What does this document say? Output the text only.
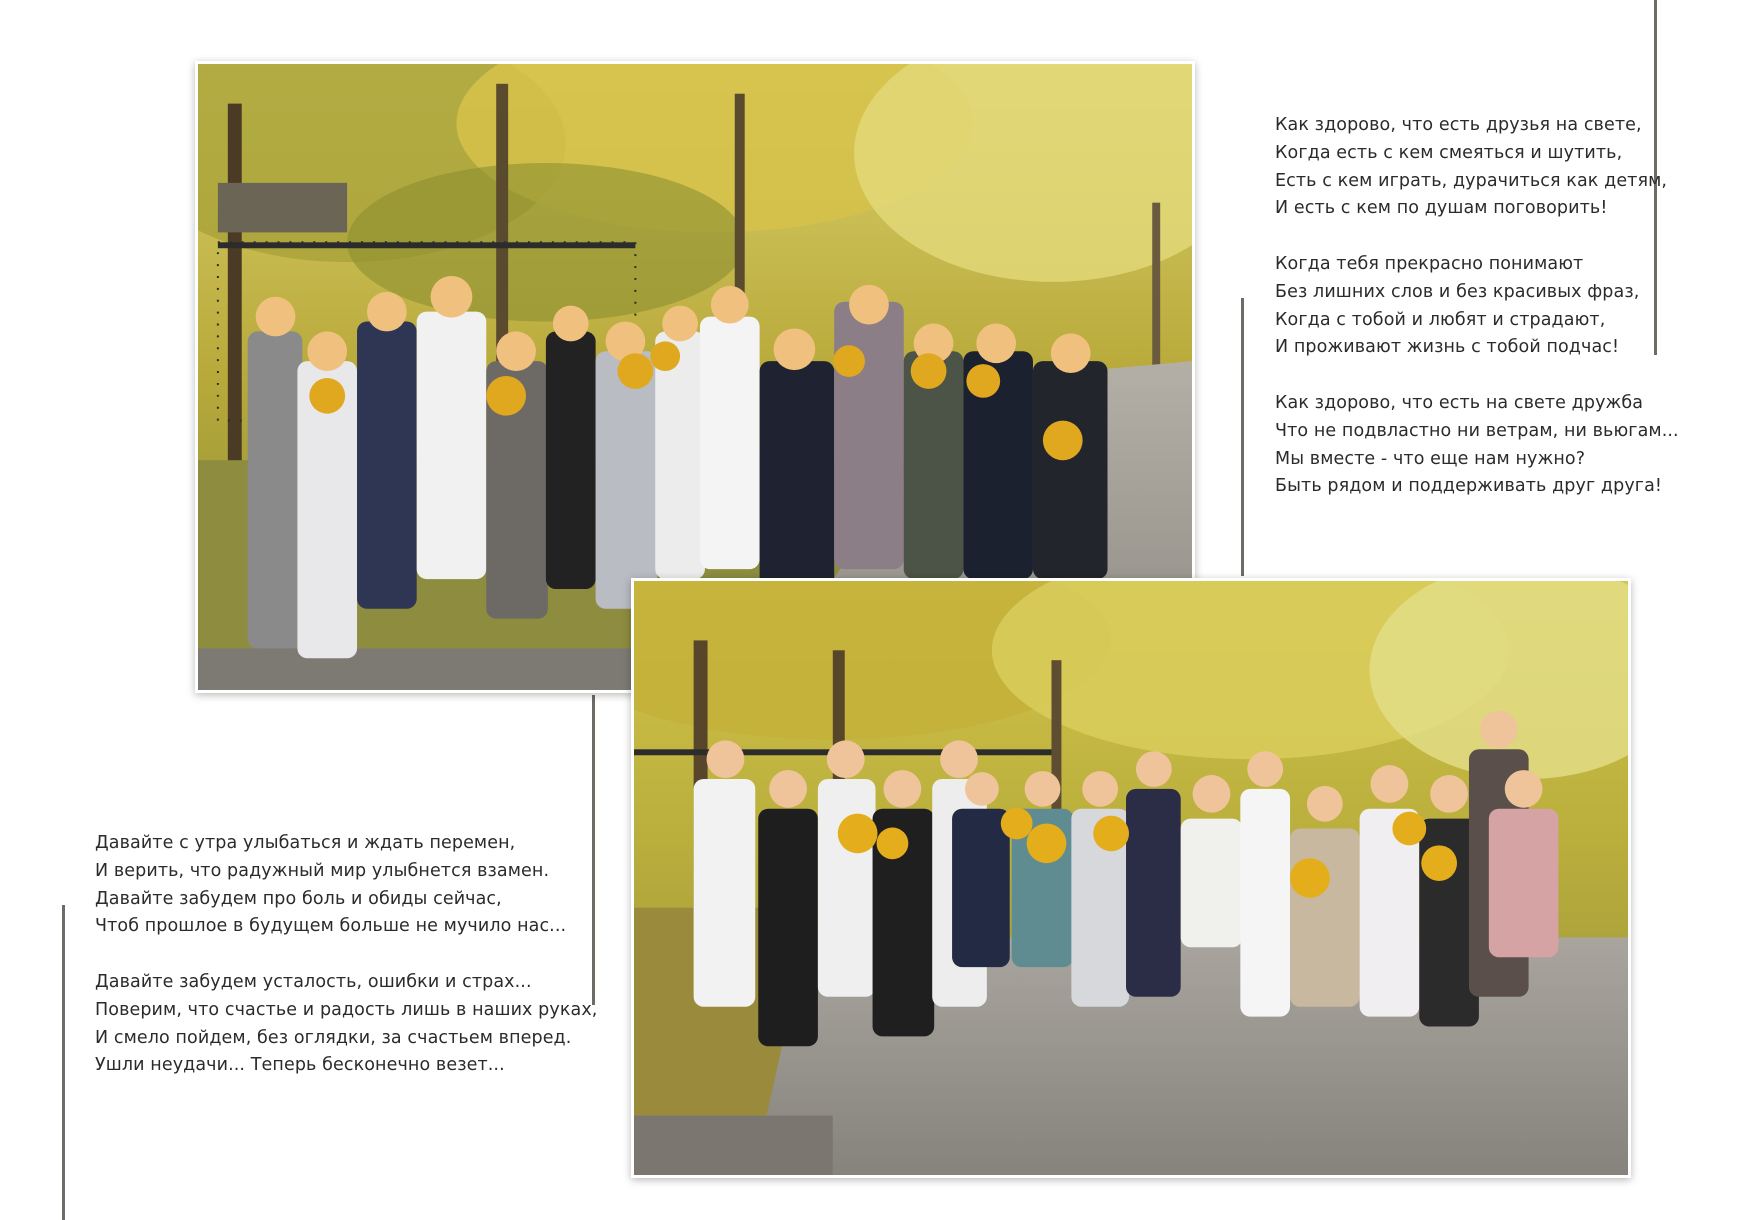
Как здорово, что есть друзья на свете,
Когда есть с кем смеяться и шутить,
Есть с кем играть, дурачиться как детям,
И есть с кем по душам поговорить!
Когда тебя прекрасно понимают
Без лишних слов и без красивых фраз,
Когда с тобой и любят и страдают,
И проживают жизнь с тобой подчас!
Как здорово, что есть на свете дружба
Что не подвластно ни ветрам, ни вьюгам...
Мы вместе - что еще нам нужно?
Быть рядом и поддерживать друг друга!
Давайте с утра улыбаться и ждать перемен,
И верить, что радужный мир улыбнется взамен.
Давайте забудем про боль и обиды сейчас,
Чтоб прошлое в будущем больше не мучило нас...
Давайте забудем усталость, ошибки и страх...
Поверим, что счастье и радость лишь в наших руках,
И смело пойдем, без оглядки, за счастьем вперед.
Ушли неудачи... Теперь бесконечно везет...
